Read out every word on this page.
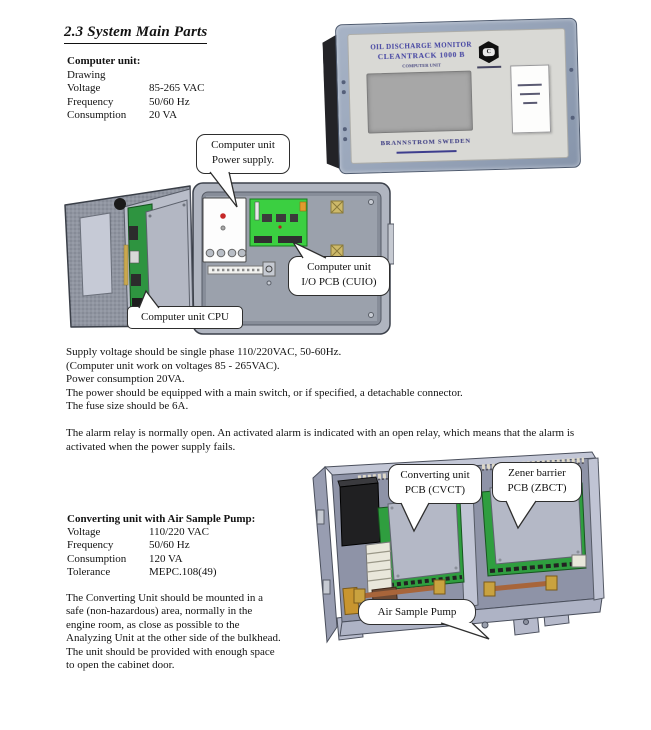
2.3 System Main Parts
Computer unit:
Drawing
Voltage	85-265 VAC
Frequency	50/60 Hz
Consumption	20 VA
OIL DISCHARGE MONITOR
CLEANTRACK 1000 B
COMPUTER UNIT
C
BRANNSTROM SWEDEN
Supply voltage should be single phase 110/220VAC, 50-60Hz.
(Computer unit work on voltages 85 - 265VAC).
Power consumption 20VA.
The power should be equipped with a main switch, or if specified, a detachable connector.
The fuse size should be 6A.
The alarm relay is normally open. An activated alarm is indicated with an open relay, which means that the alarm is
activated when the power supply fails.
Converting unit with Air Sample Pump:
Voltage	110/220 VAC
Frequency	50/60 Hz
Consumption	120 VA
Tolerance	MEPC.108(49)
The Converting Unit should be mounted in a
safe (non-hazardous) area, normally in the
engine room, as close as possible to the
Analyzing Unit at the other side of the bulkhead.
The unit should be provided with enough space
to open the cabinet door.
Computer unit
Power supply.
Computer unit
I/O PCB (CUIO)
Computer unit CPU
Converting unit
PCB (CVCT)
Zener barrier
PCB (ZBCT)
Air Sample Pump
